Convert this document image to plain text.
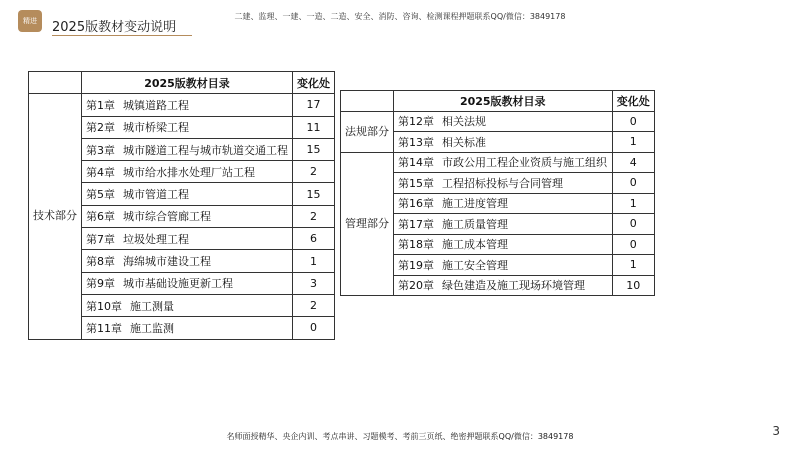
精进	2025版教材变动说明
二建、监理、一建、一造、二造、安全、消防、咨询、检测课程押题联系QQ/微信：3849178
	2025版教材目录	变化处
技术部分	第1章 城镇道路工程	17
	第2章 城市桥梁工程	11
	第3章 城市隧道工程与城市轨道交通工程	15
	第4章 城市给水排水处理厂站工程	2
	第5章 城市管道工程	15
	第6章 城市综合管廊工程	2
	第7章 垃圾处理工程	6
	第8章 海绵城市建设工程	1
	第9章 城市基础设施更新工程	3
	第10章 施工测量	2
	第11章 施工监测	0
	2025版教材目录	变化处
法规部分	第12章 相关法规	0
	第13章 相关标准	1
管理部分	第14章 市政公用工程企业资质与施工组织	4
	第15章 工程招标投标与合同管理	0
	第16章 施工进度管理	1
	第17章 施工质量管理	0
	第18章 施工成本管理	0
	第19章 施工安全管理	1
	第20章 绿色建造及施工现场环境管理	10
名师面授精华、央企内训、考点串讲、习题模考、考前三页纸、绝密押题联系QQ/微信：3849178	3
